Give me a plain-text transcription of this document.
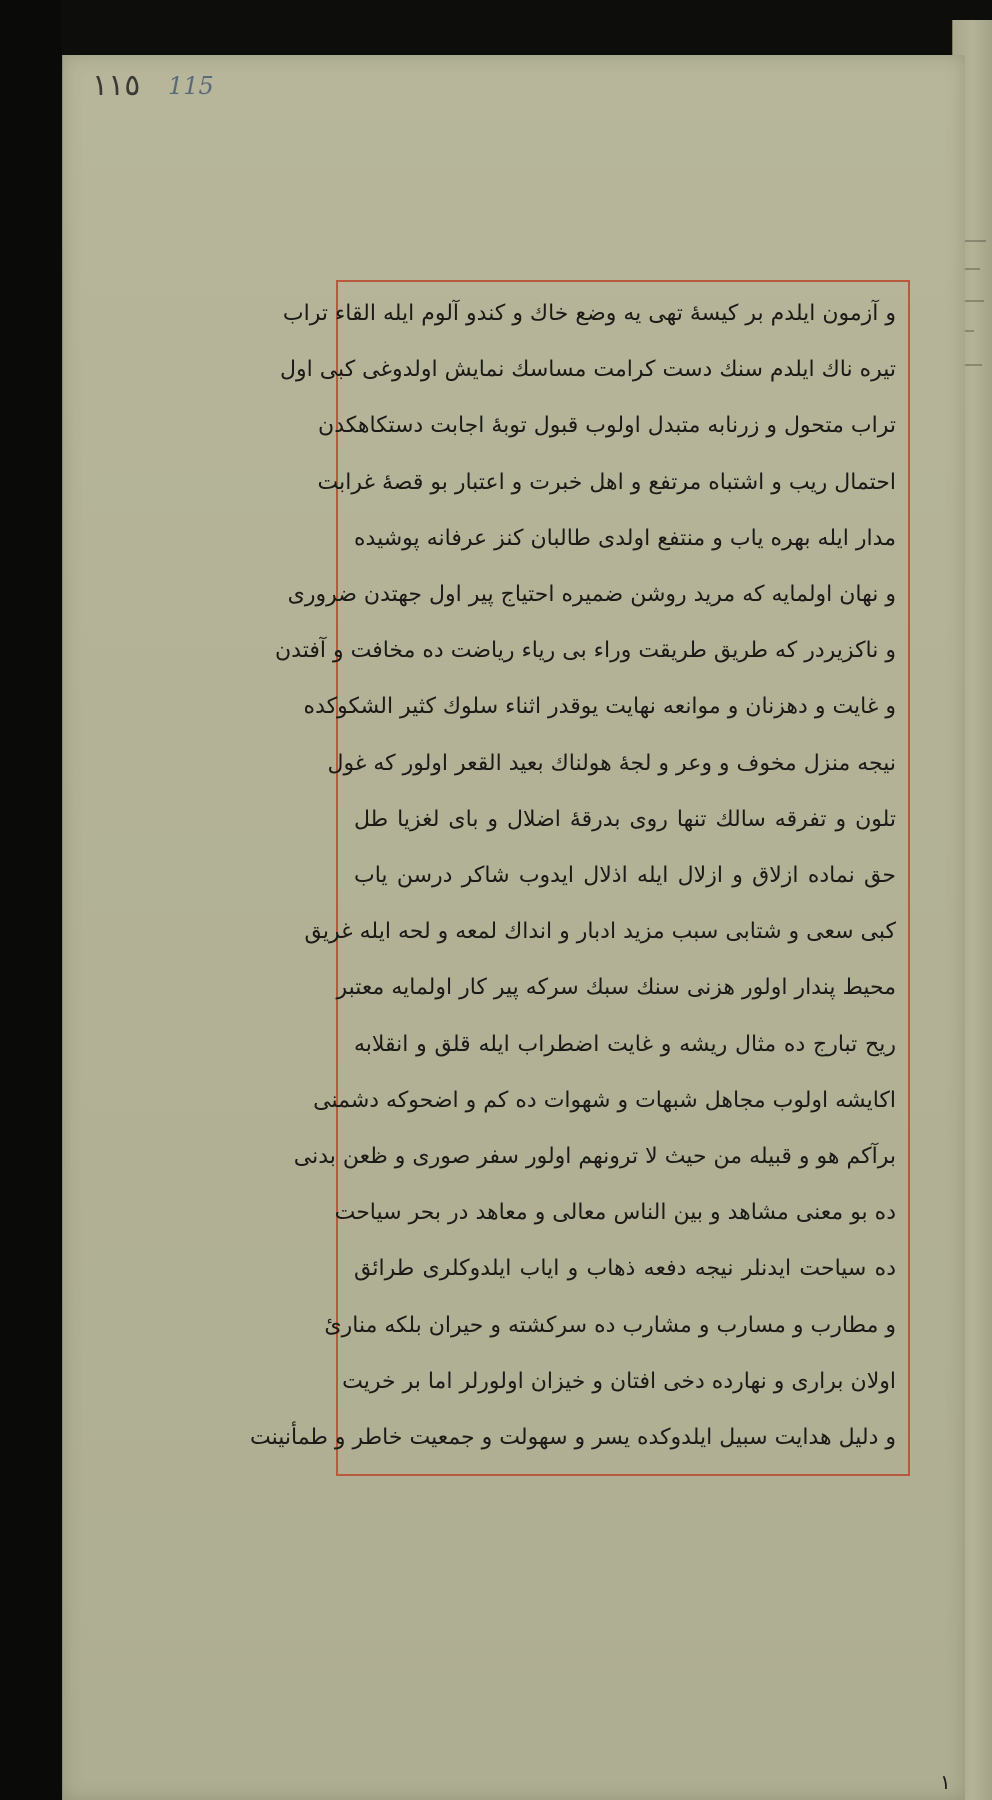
١١٥ 115
و آزمون ایلدم بر کیسهٔ تهی یه وضع خاك و کندو آلوم ایله القاء تراب
تیره ناك ایلدم سنك دست کرامت مساسك نمایش اولدوغی کبی اول
تراب متحول و زرنابه متبدل اولوب قبول توبهٔ اجابت دستکاهکدن
احتمال ریب و اشتباه مرتفع و اهل خبرت و اعتبار بو قصهٔ غرابت
مدار ایله بهره یاب و منتفع اولدی طالبان کنز عرفانه پوشیده
و نهان اولمایه که مرید روشن ضمیره احتیاج پیر اول جهتدن ضروری
و ناکزیردر که طریق طریقت وراء بی ریاء ریاضت ده مخافت و آفتدن
و غایت و دهزنان و موانعه نهایت یوقدر اثناء سلوك کثیر الشکوکده
نیجه منزل مخوف و وعر و لجهٔ هولناك بعید القعر اولور که غول
تلون و تفرقه سالك تنها روی بدرقهٔ اضلال و بای لغزیا طل
حق نماده ازلاق و ازلال ایله اذلال ایدوب شاکر درسن یاب
کبی سعی و شتابی سبب مزید ادبار و انداك لمعه و لحه ایله غریق
محیط پندار اولور هزنی سنك سبك سرکه پیر کار اولمایه معتبر
ریح تبارج ده مثال ریشه و غایت اضطراب ایله قلق و انقلابه
اکایشه اولوب مجاهل شبهات و شهوات ده کم و اضحوکه دشمنی
برآکم هو و قبیله من حیث لا ترونهم اولور سفر صوری و ظعن بدنی
ده بو معنی مشاهد و بین الناس معالی و معاهد در بحر سیاحت
ده سیاحت ایدنلر نیجه دفعه ذهاب و ایاب ایلدوکلری طرائق
و مطارب و مسارب و مشارب ده سرکشته و حیران بلکه منارئ
اولان براری و نهارده دخی افتان و خیزان اولورلر اما بر خریت
و دلیل هدایت سبیل ایلدوکده یسر و سهولت و جمعیت خاطر و طمأنینت
١
